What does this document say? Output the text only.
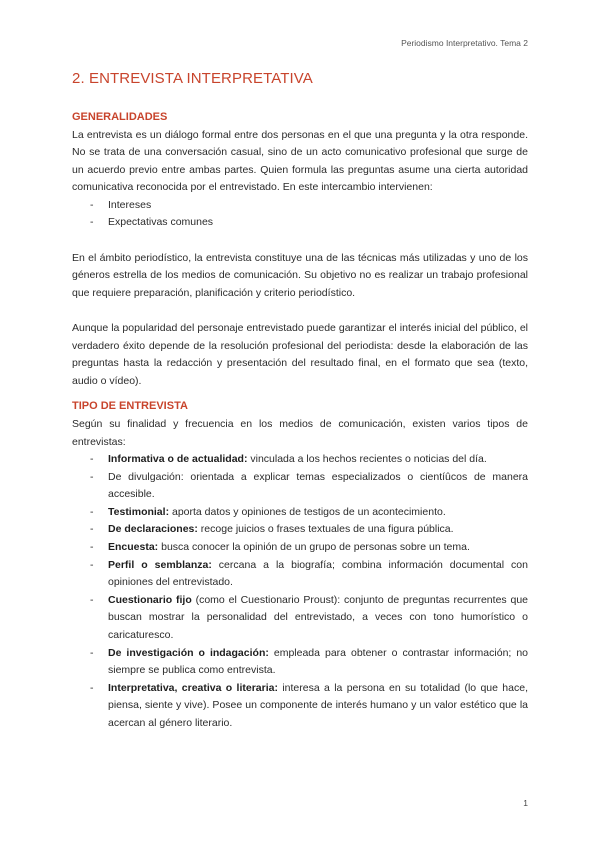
Periodismo Interpretativo. Tema 2
2. ENTREVISTA INTERPRETATIVA
GENERALIDADES

La entrevista es un diálogo formal entre dos personas en el que una pregunta y la otra responde. No se trata de una conversación casual, sino de un acto comunicativo profesional que surge de un acuerdo previo entre ambas partes. Quien formula las preguntas asume una cierta autoridad comunicativa reconocida por el entrevistado. En este intercambio intervienen:

- Intereses
- Expectativas comunes

En el ámbito periodístico, la entrevista constituye una de las técnicas más utilizadas y uno de los géneros estrella de los medios de comunicación. Su objetivo no es realizar un trabajo profesional que requiere preparación, planificación y criterio periodístico.

Aunque la popularidad del personaje entrevistado puede garantizar el interés inicial del público, el verdadero éxito depende de la resolución profesional del periodista: desde la elaboración de las preguntas hasta la redacción y presentación del resultado final, en el formato que sea (texto, audio o vídeo).

TIPO DE ENTREVISTA

Según su finalidad y frecuencia en los medios de comunicación, existen varios tipos de entrevistas:

- Informativa o de actualidad: vinculada a los hechos recientes o noticias del día.
- De divulgación: orientada a explicar temas especializados o cientíûcos de manera accesible.
- Testimonial: aporta datos y opiniones de testigos de un acontecimiento.
- De declaraciones: recoge juicios o frases textuales de una figura pública.
- Encuesta: busca conocer la opinión de un grupo de personas sobre un tema.
- Perfil o semblanza: cercana a la biografía; combina información documental con opiniones del entrevistado.
- Cuestionario fijo (como el Cuestionario Proust): conjunto de preguntas recurrentes que buscan mostrar la personalidad del entrevistado, a veces con tono humorístico o caricaturesco.
- De investigación o indagación: empleada para obtener o contrastar información; no siempre se publica como entrevista.
- Interpretativa, creativa o literaria: interesa a la persona en su totalidad (lo que hace, piensa, siente y vive). Posee un componente de interés humano y un valor estético que la acercan al género literario.
1
